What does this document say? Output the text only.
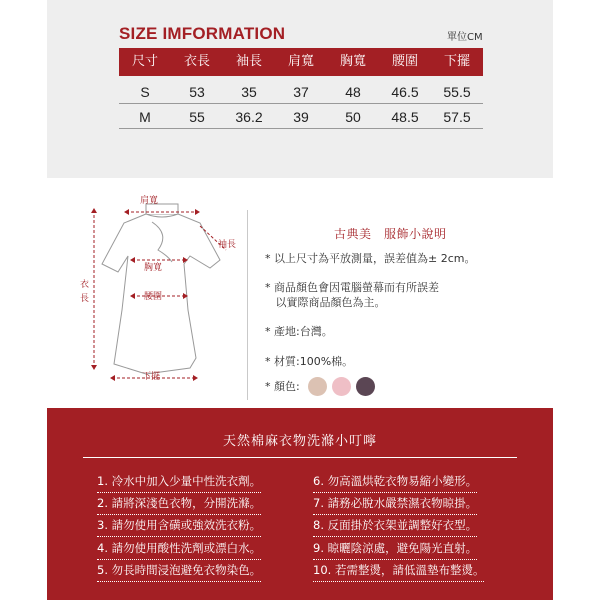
SIZE IMFORMATION	單位CM
尺寸	衣長	袖長	肩寬	胸寬	腰圍	下擺
S	53	35	37	48	46.5	55.5
M	55	36.2	39	50	48.5	57.5
肩寬
袖長
胸寬
衣
長	腰圍
下擺
古典美　服飾小說明
* 以上尺寸為平放測量，誤差值為± 2cm。
* 商品顏色會因電腦螢幕而有所誤差
以實際商品顏色為主。
* 產地:台灣。
* 材質:100%棉。
* 顏色:
天然棉麻衣物洗滌小叮嚀
1. 冷水中加入少量中性洗衣劑。
2. 請將深淺色衣物，分開洗滌。
3. 請勿使用含磺或強效洗衣粉。
4. 請勿使用酸性洗劑或漂白水。
5. 勿長時間浸泡避免衣物染色。
6. 勿高溫烘乾衣物易縮小變形。
7. 請務必脫水嚴禁濕衣物晾掛。
8. 反面掛於衣架並調整好衣型。
9. 晾曬陰涼處，避免陽光直射。
10. 若需整燙，請低溫墊布整燙。
